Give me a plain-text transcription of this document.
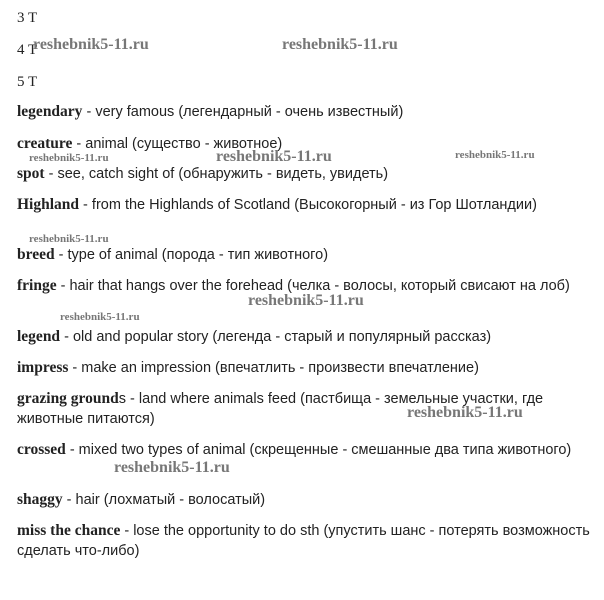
3 T
4 T
5 T
legendary - very famous (легендарный - очень известный)
creature - animal (существо - животное)
spot - see, catch sight of (обнаружить - видеть, увидеть)
Highland - from the Highlands of Scotland (Высокогорный - из Гор Шотландии)
breed - type of animal (порода - тип животного)
fringe - hair that hangs over the forehead (челка - волосы, который свисают на лоб)
legend - old and popular story (легенда - старый и популярный рассказ)
impress - make an impression (впечатлить - произвести впечатление)
grazing grounds - land where animals feed (пастбища - земельные участки, где животные питаются)
crossed - mixed two types of animal (скрещенные - смешанные два типа животного)
shaggy - hair (лохматый - волосатый)
miss the chance - lose the opportunity to do sth (упустить шанс - потерять возможность сделать что-либо)
reshebnik5-11.ru	reshebnik5-11.ru
reshebnik5-11.ru	reshebnik5-11.ru	reshebnik5-11.ru
reshebnik5-11.ru
reshebnik5-11.ru
reshebnik5-11.ru
reshebnik5-11.ru
reshebnik5-11.ru
